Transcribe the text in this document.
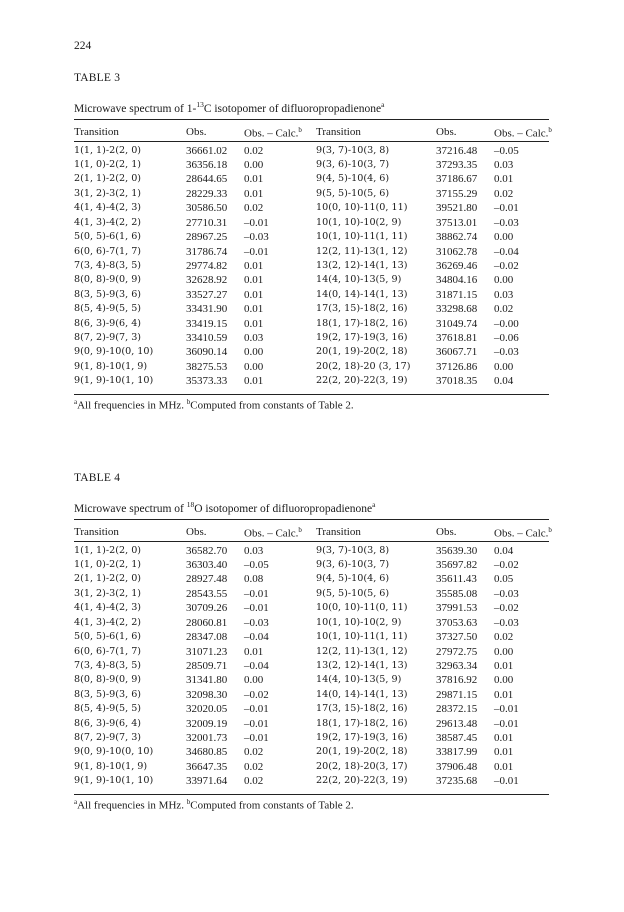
224
TABLE 3
Microwave spectrum of 1-$^{13}$C isotopomer of difluoropropadienone$^a$
Transition	Obs.	Obs. – Calc.$^b$	Transition	Obs.	Obs. – Calc.$^b$
1(1, 1)-2(2, 0)	36661.02	0.02	9(3, 7)-10(3, 8)	37216.48	–0.05
1(1, 0)-2(2, 1)	36356.18	0.00	9(3, 6)-10(3, 7)	37293.35	0.03
2(1, 1)-2(2, 0)	28644.65	0.01	9(4, 5)-10(4, 6)	37186.67	0.01
3(1, 2)-3(2, 1)	28229.33	0.01	9(5, 5)-10(5, 6)	37155.29	0.02
4(1, 4)-4(2, 3)	30586.50	0.02	10(0, 10)-11(0, 11)	39521.80	–0.01
4(1, 3)-4(2, 2)	27710.31	–0.01	10(1, 10)-10(2, 9)	37513.01	–0.03
5(0, 5)-6(1, 6)	28967.25	–0.03	10(1, 10)-11(1, 11)	38862.74	0.00
6(0, 6)-7(1, 7)	31786.74	–0.01	12(2, 11)-13(1, 12)	31062.78	–0.04
7(3, 4)-8(3, 5)	29774.82	0.01	13(2, 12)-14(1, 13)	36269.46	–0.02
8(0, 8)-9(0, 9)	32628.92	0.01	14(4, 10)-13(5, 9)	34804.16	0.00
8(3, 5)-9(3, 6)	33527.27	0.01	14(0, 14)-14(1, 13)	31871.15	0.03
8(5, 4)-9(5, 5)	33431.90	0.01	17(3, 15)-18(2, 16)	33298.68	0.02
8(6, 3)-9(6, 4)	33419.15	0.01	18(1, 17)-18(2, 16)	31049.74	–0.00
8(7, 2)-9(7, 3)	33410.59	0.03	19(2, 17)-19(3, 16)	37618.81	–0.06
9(0, 9)-10(0, 10)	36090.14	0.00	20(1, 19)-20(2, 18)	36067.71	–0.03
9(1, 8)-10(1, 9)	38275.53	0.00	20(2, 18)-20 (3, 17)	37126.86	0.00
9(1, 9)-10(1, 10)	35373.33	0.01	22(2, 20)-22(3, 19)	37018.35	0.04
$^a$All frequencies in MHz. $^b$Computed from constants of Table 2.
TABLE 4
Microwave spectrum of $^{18}$O isotopomer of difluoropropadienone$^a$
Transition	Obs.	Obs. – Calc.$^b$	Transition	Obs.	Obs. – Calc.$^b$
1(1, 1)-2(2, 0)	36582.70	0.03	9(3, 7)-10(3, 8)	35639.30	0.04
1(1, 0)-2(2, 1)	36303.40	–0.05	9(3, 6)-10(3, 7)	35697.82	–0.02
2(1, 1)-2(2, 0)	28927.48	0.08	9(4, 5)-10(4, 6)	35611.43	0.05
3(1, 2)-3(2, 1)	28543.55	–0.01	9(5, 5)-10(5, 6)	35585.08	–0.03
4(1, 4)-4(2, 3)	30709.26	–0.01	10(0, 10)-11(0, 11)	37991.53	–0.02
4(1, 3)-4(2, 2)	28060.81	–0.03	10(1, 10)-10(2, 9)	37053.63	–0.03
5(0, 5)-6(1, 6)	28347.08	–0.04	10(1, 10)-11(1, 11)	37327.50	0.02
6(0, 6)-7(1, 7)	31071.23	0.01	12(2, 11)-13(1, 12)	27972.75	0.00
7(3, 4)-8(3, 5)	28509.71	–0.04	13(2, 12)-14(1, 13)	32963.34	0.01
8(0, 8)-9(0, 9)	31341.80	0.00	14(4, 10)-13(5, 9)	37816.92	0.00
8(3, 5)-9(3, 6)	32098.30	–0.02	14(0, 14)-14(1, 13)	29871.15	0.01
8(5, 4)-9(5, 5)	32020.05	–0.01	17(3, 15)-18(2, 16)	28372.15	–0.01
8(6, 3)-9(6, 4)	32009.19	–0.01	18(1, 17)-18(2, 16)	29613.48	–0.01
8(7, 2)-9(7, 3)	32001.73	–0.01	19(2, 17)-19(3, 16)	38587.45	0.01
9(0, 9)-10(0, 10)	34680.85	0.02	20(1, 19)-20(2, 18)	33817.99	0.01
9(1, 8)-10(1, 9)	36647.35	0.02	20(2, 18)-20(3, 17)	37906.48	0.01
9(1, 9)-10(1, 10)	33971.64	0.02	22(2, 20)-22(3, 19)	37235.68	–0.01
$^a$All frequencies in MHz. $^b$Computed from constants of Table 2.
